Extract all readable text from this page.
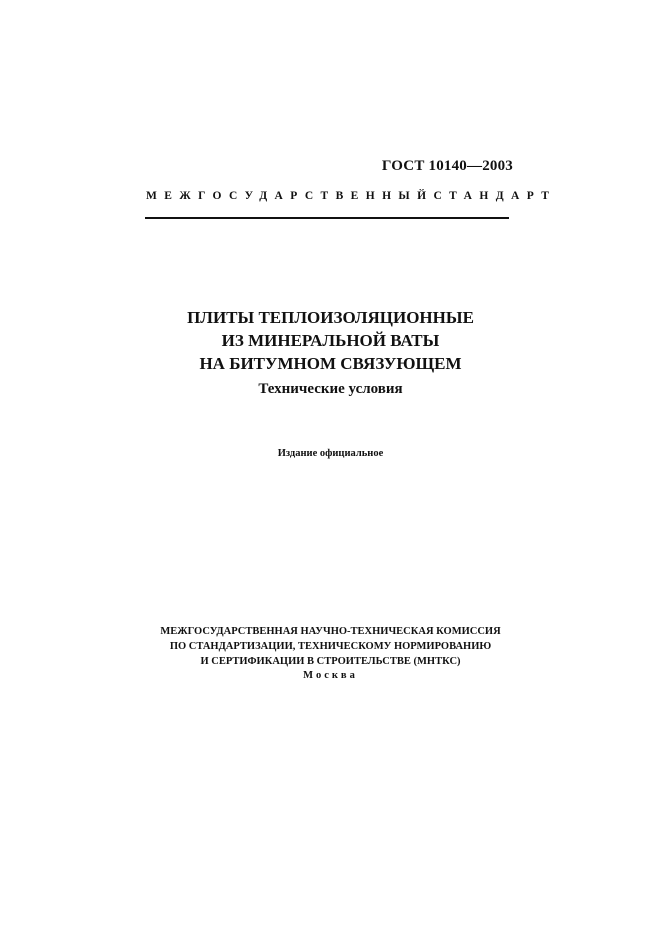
ГОСТ 10140—2003
МЕЖГОСУДАРСТВЕННЫЙ СТАНДАРТ
ПЛИТЫ ТЕПЛОИЗОЛЯЦИОННЫЕ
ИЗ МИНЕРАЛЬНОЙ ВАТЫ
НА БИТУМНОМ СВЯЗУЮЩЕМ
Технические условия
Издание официальное
МЕЖГОСУДАРСТВЕННАЯ НАУЧНО-ТЕХНИЧЕСКАЯ КОМИССИЯ
ПО СТАНДАРТИЗАЦИИ, ТЕХНИЧЕСКОМУ НОРМИРОВАНИЮ
И СЕРТИФИКАЦИИ В СТРОИТЕЛЬСТВЕ (МНТКС)
Москва
